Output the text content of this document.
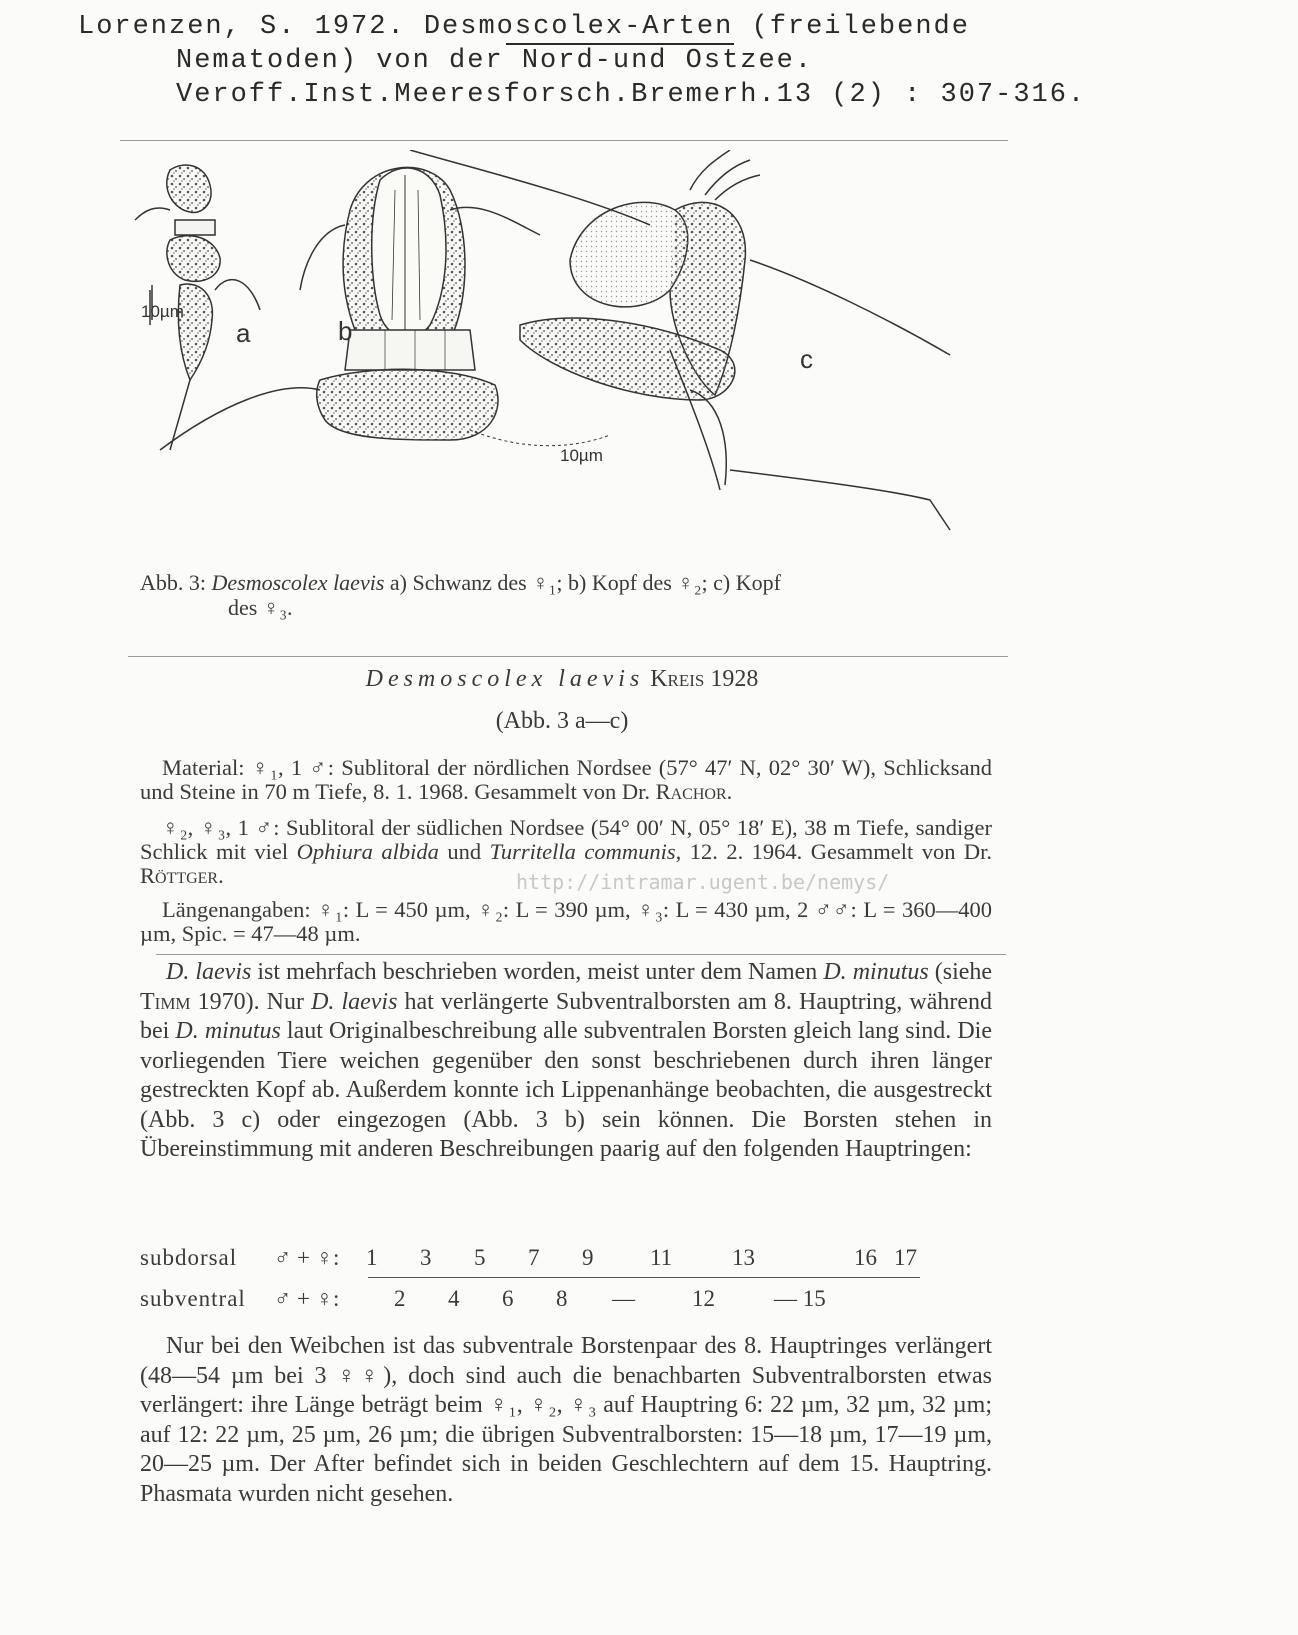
Lorenzen, S. 1972. Desmoscolex-Arten (freilebende
Nematoden) von der Nord-und Ostzee.
Veroff.Inst.Meeresforsch.Bremerh.13 (2) : 307-316.
a	b
c
10µm
10µm
Abb. 3: Desmoscolex laevis a) Schwanz des ♀₁; b) Kopf des ♀₂; c) Kopf
des ♀₃.
Desmoscolex laevis Kreis 1928
(Abb. 3 a—c)
Material: ♀₁, 1 ♂: Sublitoral der nördlichen Nordsee (57° 47′ N, 02° 30′ W), Schlicksand und Steine in 70 m Tiefe, 8. 1. 1968. Gesammelt von Dr. Rachor.
♀₂, ♀₃, 1 ♂: Sublitoral der südlichen Nordsee (54° 00′ N, 05° 18′ E), 38 m Tiefe, sandiger Schlick mit viel Ophiura albida und Turritella communis, 12. 2. 1964. Gesammelt von Dr. Röttger.
Längenangaben: ♀₁: L = 450 µm, ♀₂: L = 390 µm, ♀₃: L = 430 µm, 2 ♂♂: L = 360—400 µm, Spic. = 47—48 µm.
D. laevis ist mehrfach beschrieben worden, meist unter dem Namen D. minutus (siehe Timm 1970). Nur D. laevis hat verlängerte Subventralborsten am 8. Hauptring, während bei D. minutus laut Originalbeschreibung alle subventralen Borsten gleich lang sind. Die vorliegenden Tiere weichen gegenüber den sonst beschriebenen durch ihren länger gestreckten Kopf ab. Außerdem konnte ich Lippenanhänge beobachten, die ausgestreckt (Abb. 3 c) oder eingezogen (Abb. 3 b) sein können. Die Borsten stehen in Übereinstimmung mit anderen Beschreibungen paarig auf den folgenden Hauptringen:
subdorsal ♂ + ♀: 1 3 5 7 9 11	13	16 17
subventral ♂ + ♀: 2 4 6 8 — 12	— 15
Nur bei den Weibchen ist das subventrale Borstenpaar des 8. Hauptringes verlängert (48—54 µm bei 3 ♀♀), doch sind auch die benachbarten Subventralborsten etwas verlängert: ihre Länge beträgt beim ♀₁, ♀₂, ♀₃ auf Hauptring 6: 22 µm, 32 µm, 32 µm; auf 12: 22 µm, 25 µm, 26 µm; die übrigen Subventralborsten: 15—18 µm, 17—19 µm, 20—25 µm. Der After befindet sich in beiden Geschlechtern auf dem 15. Hauptring. Phasmata wurden nicht gesehen.
http://intramar.ugent.be/nemys/
